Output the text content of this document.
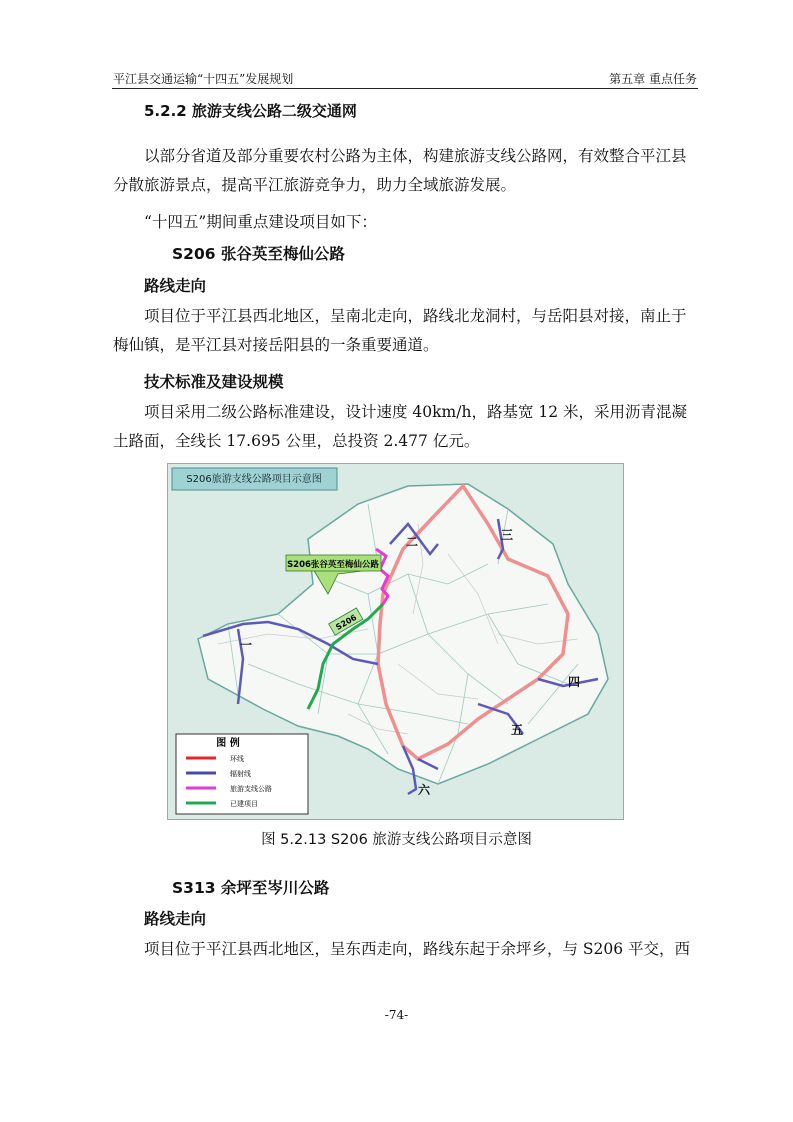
平江县交通运输“十四五”发展规划	第五章 重点任务
5.2.2 旅游支线公路二级交通网
以部分省道及部分重要农村公路为主体，构建旅游支线公路网，有效整合平江县分散旅游景点，提高平江旅游竞争力，助力全域旅游发展。
“十四五”期间重点建设项目如下：
S206 张谷英至梅仙公路
路线走向
项目位于平江县西北地区，呈南北走向，路线北龙洞村，与岳阳县对接，南止于梅仙镇，是平江县对接岳阳县的一条重要通道。
技术标准及建设规模
项目采用二级公路标准建设，设计速度 40km/h，路基宽 12 米，采用沥青混凝土路面，全线长 17.695 公里，总投资 2.477 亿元。
S206旅游支线公路项目示意图
S206张谷英至梅仙公路
S206
一
二	三
四
五
六
图 例
环线
辐射线
旅游支线公路
已建项目
图 5.2.13 S206 旅游支线公路项目示意图
S313 余坪至岑川公路
路线走向
项目位于平江县西北地区，呈东西走向，路线东起于余坪乡，与 S206 平交，西
-74-
